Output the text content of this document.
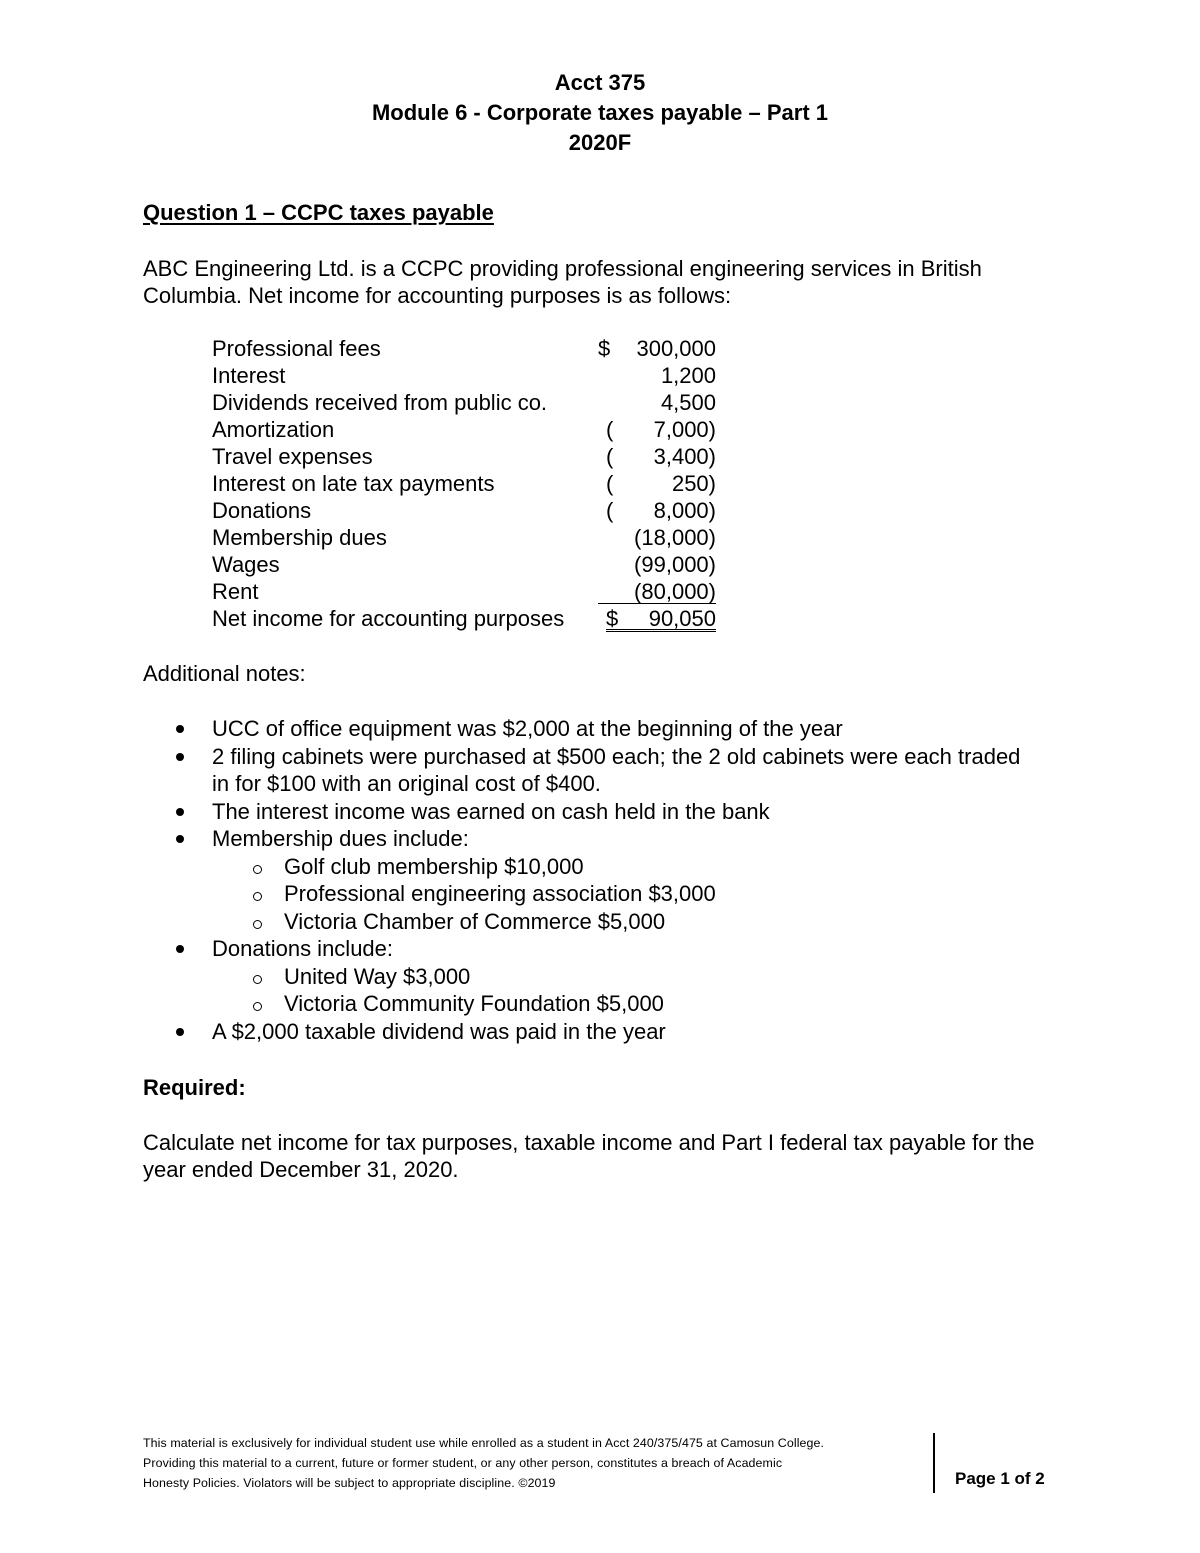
Acct 375
Module 6 - Corporate taxes payable – Part 1
2020F
Question 1 – CCPC taxes payable
ABC Engineering Ltd. is a CCPC providing professional engineering services in British Columbia. Net income for accounting purposes is as follows:
Professional fees	$ 300,000
Interest	1,200
Dividends received from public co.	4,500
Amortization	( 7,000)
Travel expenses	( 3,400)
Interest on late tax payments	(	250)
Donations	( 8,000)
Membership dues	(18,000)
Wages	(99,000)
Rent	(80,000)
Net income for accounting purposes $ 90,050
Additional notes:
UCC of office equipment was $2,000 at the beginning of the year
2 filing cabinets were purchased at $500 each; the 2 old cabinets were each traded in for $100 with an original cost of $400.
The interest income was earned on cash held in the bank
Membership dues include:
Golf club membership $10,000
Professional engineering association $3,000
Victoria Chamber of Commerce $5,000
Donations include:
United Way $3,000
Victoria Community Foundation $5,000
A $2,000 taxable dividend was paid in the year
Required:
Calculate net income for tax purposes, taxable income and Part I federal tax payable for the year ended December 31, 2020.
This material is exclusively for individual student use while enrolled as a student in Acct 240/375/475 at Camosun College.
Providing this material to a current, future or former student, or any other person, constitutes a breach of Academic
Honesty Policies. Violators will be subject to appropriate discipline. ©2019	Page 1 of 2
